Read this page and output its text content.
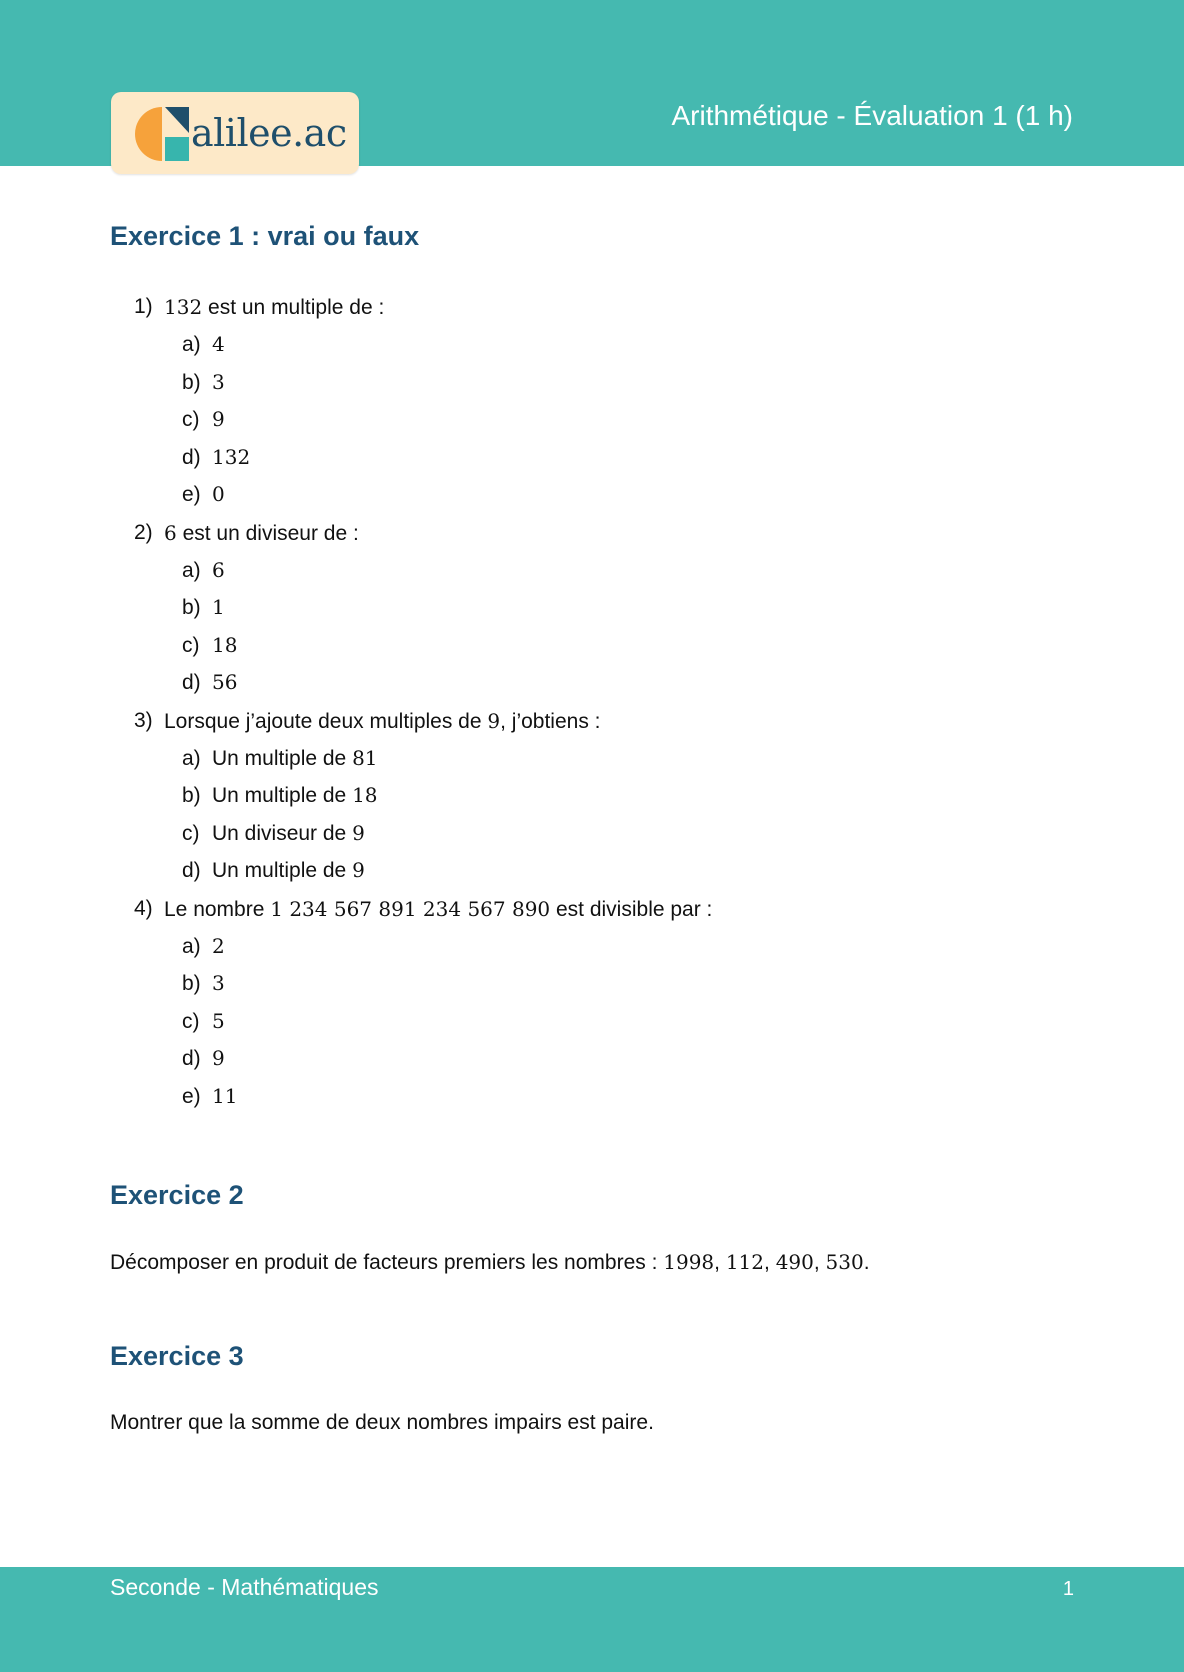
alilee.ac	Arithmétique - Évaluation 1 (1 h)
Exercice 1 : vrai ou faux
1) 132 est un multiple de :
a) 4
b) 3
c) 9
d) 132
e) 0
2) 6 est un diviseur de :
a) 6
b) 1
c) 18
d) 56
3) Lorsque j’ajoute deux multiples de 9, j’obtiens :
a) Un multiple de 81
b) Un multiple de 18
c) Un diviseur de 9
d) Un multiple de 9
4) Le nombre 1 234 567 891 234 567 890 est divisible par :
a) 2
b) 3
c) 5
d) 9
e) 11
Exercice 2

Décomposer en produit de facteurs premiers les nombres : 1998, 112, 490, 530.

Exercice 3

Montrer que la somme de deux nombres impairs est paire.

Seconde - Mathématiques	1
